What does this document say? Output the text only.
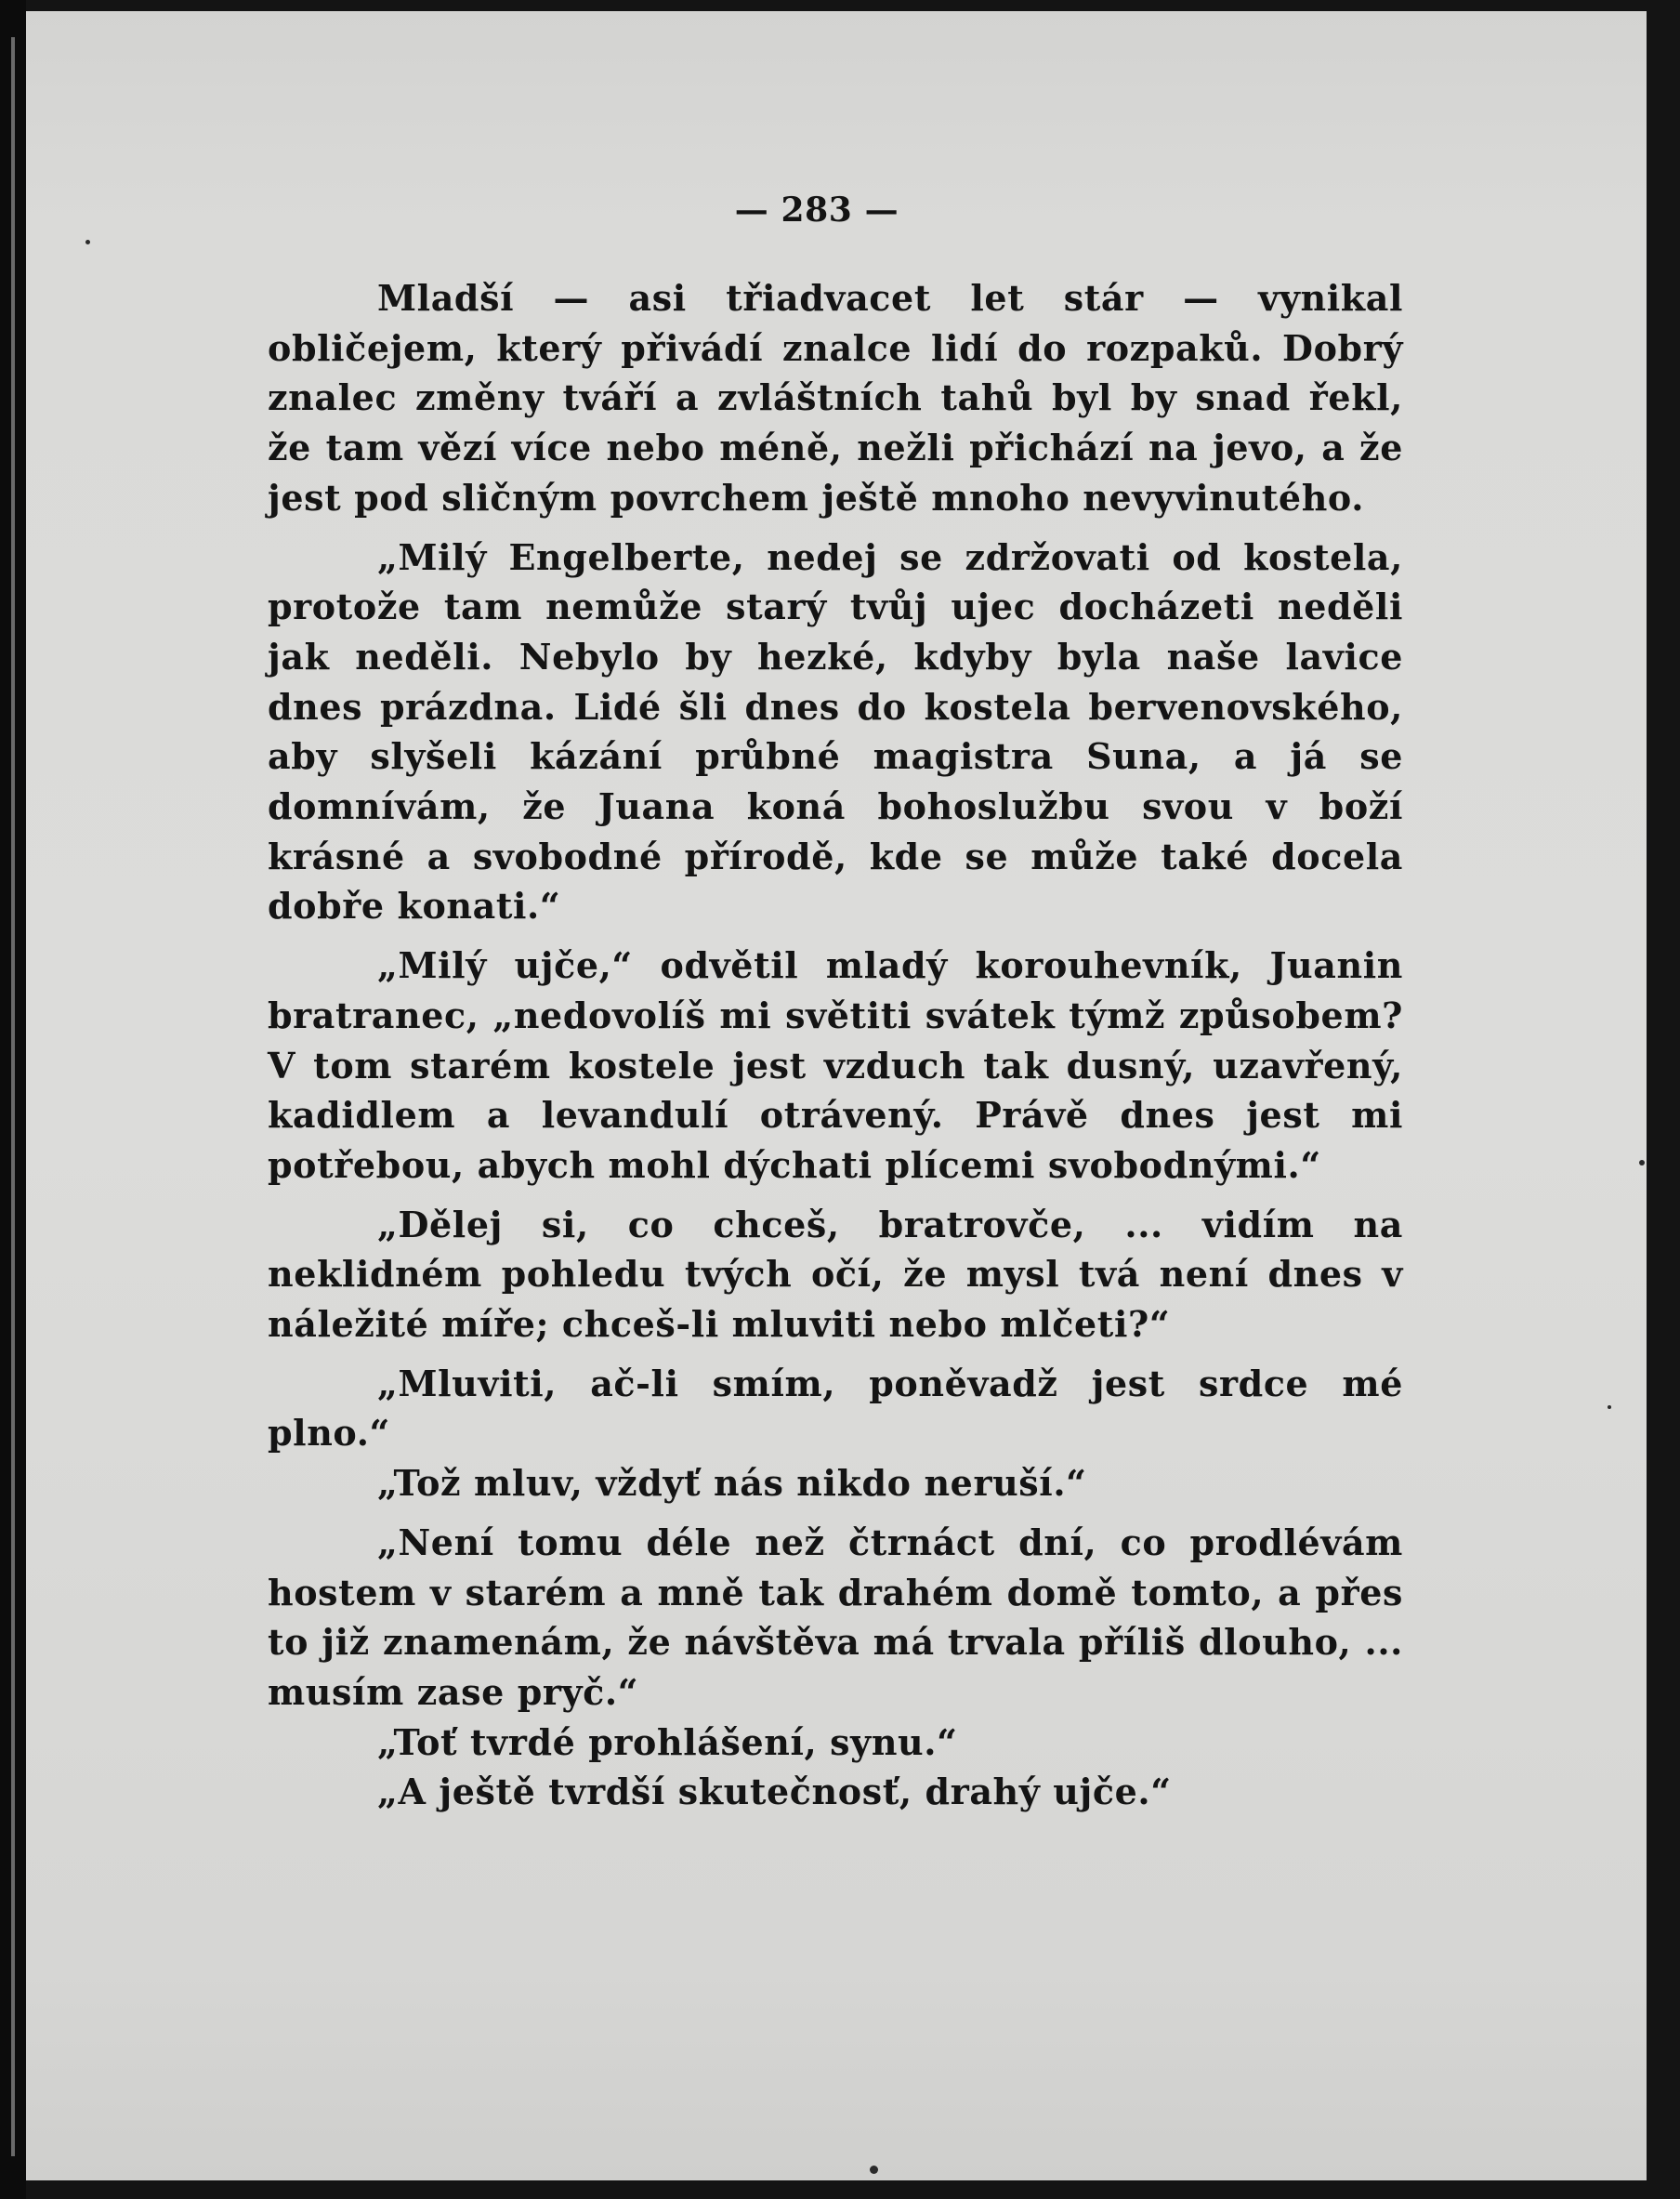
— 283 —

Mladší — asi třiadvacet let stár — vynikal obličejem, který přivádí znalce lidí do rozpaků. Dobrý znalec změny tváří a zvláštních tahů byl by snad řekl, že tam vězí více nebo méně, nežli přichází na jevo, a že jest pod sličným povrchem ještě mnoho nevyvinutého.

„Milý Engelberte, nedej se zdržovati od kostela, protože tam nemůže starý tvůj ujec docházeti neděli jak neděli. Nebylo by hezké, kdyby byla naše lavice dnes prázdna. Lidé šli dnes do kostela bervenovského, aby slyšeli kázání průbné magistra Suna, a já se domnívám, že Juana koná bohoslužbu svou v boží krásné a svobodné přírodě, kde se může také docela dobře konati.“

„Milý ujče,“ odvětil mladý korouhevník, Juanin bratranec, „nedovolíš mi světiti svátek týmž způsobem? V tom starém kostele jest vzduch tak dusný, uzavřený, kadidlem a levandulí otrávený. Právě dnes jest mi potřebou, abych mohl dýchati plícemi svobodnými.“

„Dělej si, co chceš, bratrovče, ... vidím na neklidném pohledu tvých očí, že mysl tvá není dnes v náležité míře; chceš-li mluviti nebo mlčeti?“

„Mluviti, ač-li smím, poněvadž jest srdce mé plno.“

„Tož mluv, vždyť nás nikdo neruší.“

„Není tomu déle než čtrnáct dní, co prodlévám hostem v starém a mně tak drahém domě tomto, a přes to již znamenám, že návštěva má trvala příliš dlouho, ... musím zase pryč.“

„Toť tvrdé prohlášení, synu.“

„A ještě tvrdší skutečnosť, drahý ujče.“
